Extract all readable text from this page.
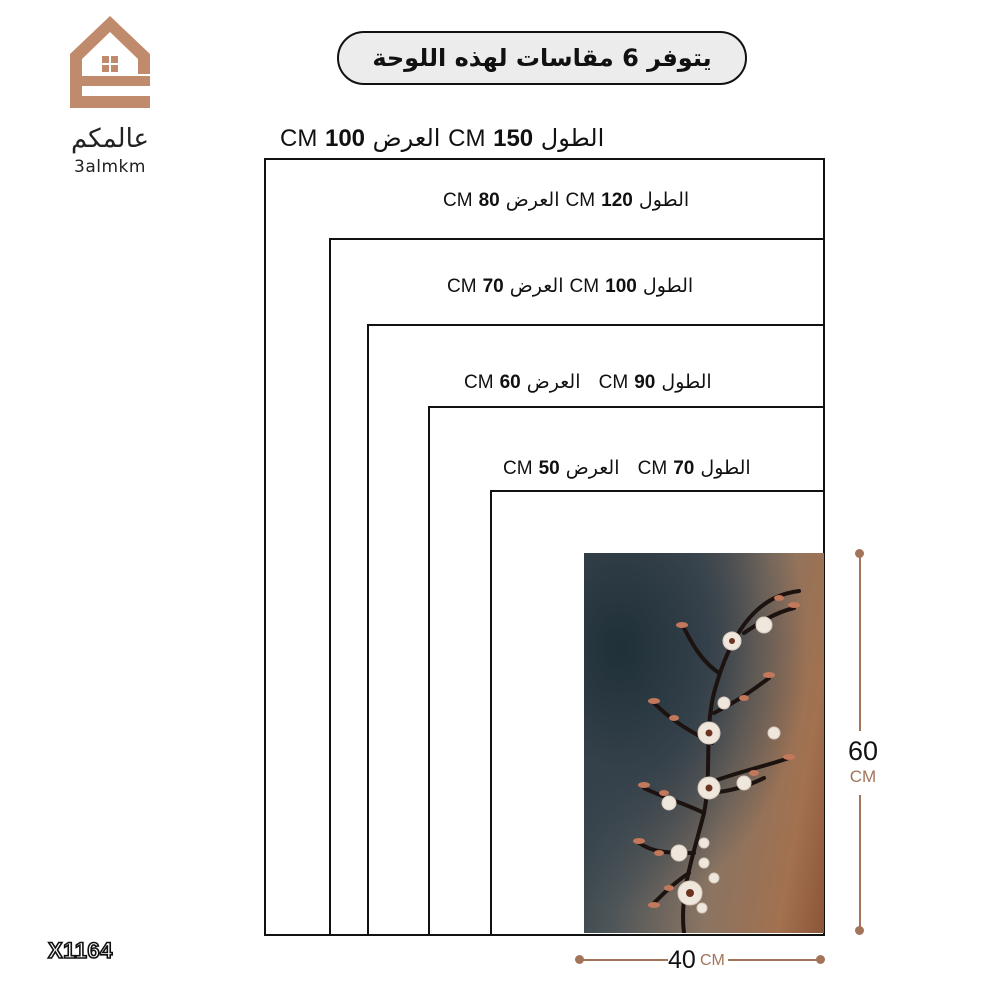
عالمكم
3almkm
يتوفر 6 مقاسات لهذه اللوحة
الطول 150 CM العرض 100 CM
الطول 120 CM العرض 80 CM
الطول 100 CM العرض 70 CM
الطول 90 CM   العرض 60 CM
الطول 70 CM   العرض 50 CM
60
CM
40 CM
X1164
